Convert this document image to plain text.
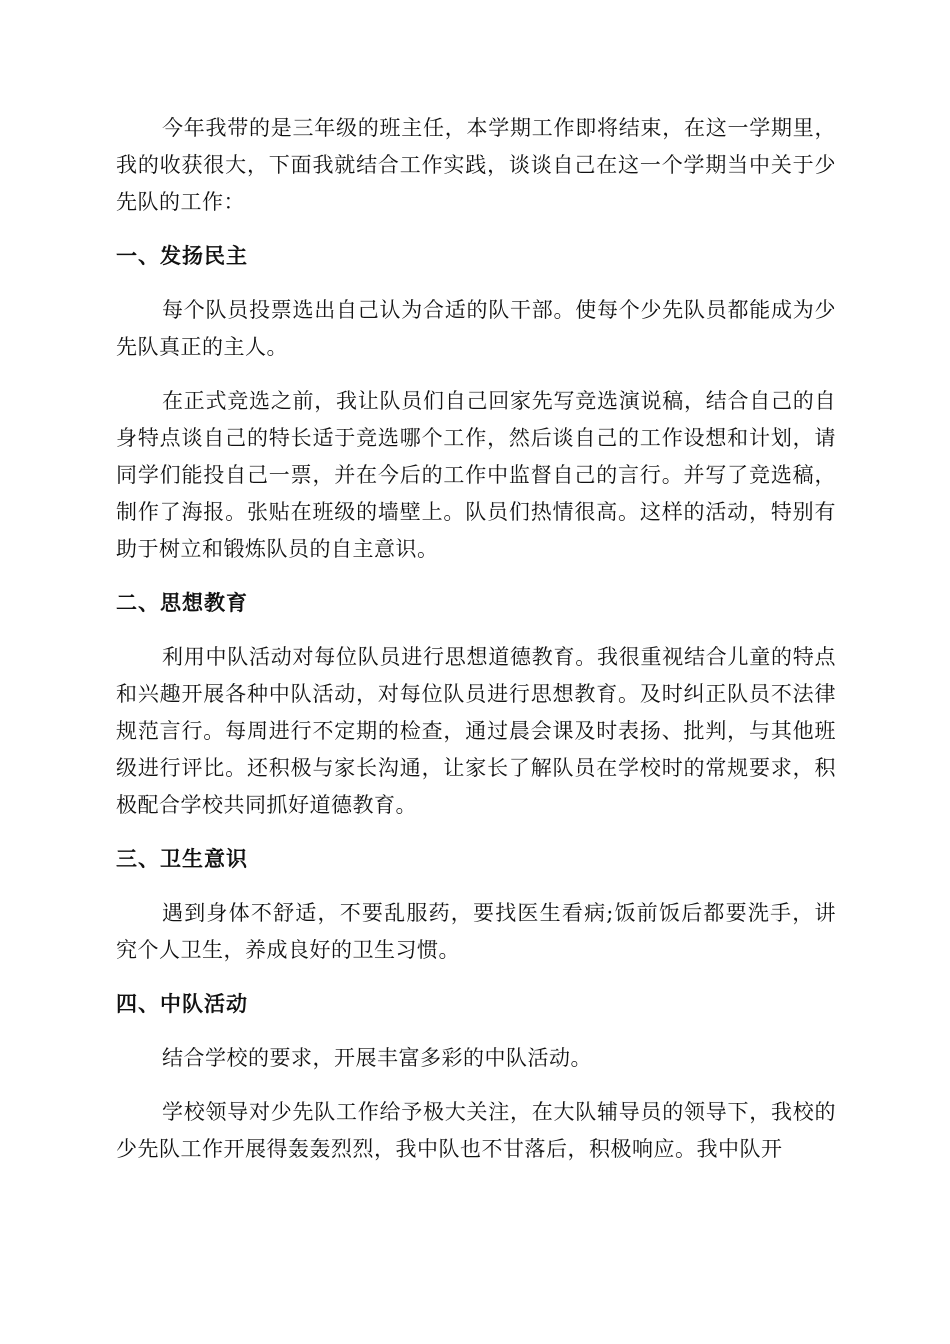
今年我带的是三年级的班主任，本学期工作即将结束，在这一学期里，我的收获很大，下面我就结合工作实践，谈谈自己在这一个学期当中关于少先队的工作：

一、发扬民主

每个队员投票选出自己认为合适的队干部。使每个少先队员都能成为少先队真正的主人。

在正式竞选之前，我让队员们自己回家先写竞选演说稿，结合自己的自身特点谈自己的特长适于竞选哪个工作，然后谈自己的工作设想和计划，请同学们能投自己一票，并在今后的工作中监督自己的言行。并写了竞选稿，制作了海报。张贴在班级的墙壁上。队员们热情很高。这样的活动，特别有助于树立和锻炼队员的自主意识。

二、思想教育

利用中队活动对每位队员进行思想道德教育。我很重视结合儿童的特点和兴趣开展各种中队活动，对每位队员进行思想教育。及时纠正队员不法律规范言行。每周进行不定期的检查，通过晨会课及时表扬、批判，与其他班级进行评比。还积极与家长沟通，让家长了解队员在学校时的常规要求，积极配合学校共同抓好道德教育。

三、卫生意识

遇到身体不舒适，不要乱服药，要找医生看病;饭前饭后都要洗手，讲究个人卫生，养成良好的卫生习惯。

四、中队活动

结合学校的要求，开展丰富多彩的中队活动。

学校领导对少先队工作给予极大关注，在大队辅导员的领导下，我校的少先队工作开展得轰轰烈烈，我中队也不甘落后，积极响应。我中队开
